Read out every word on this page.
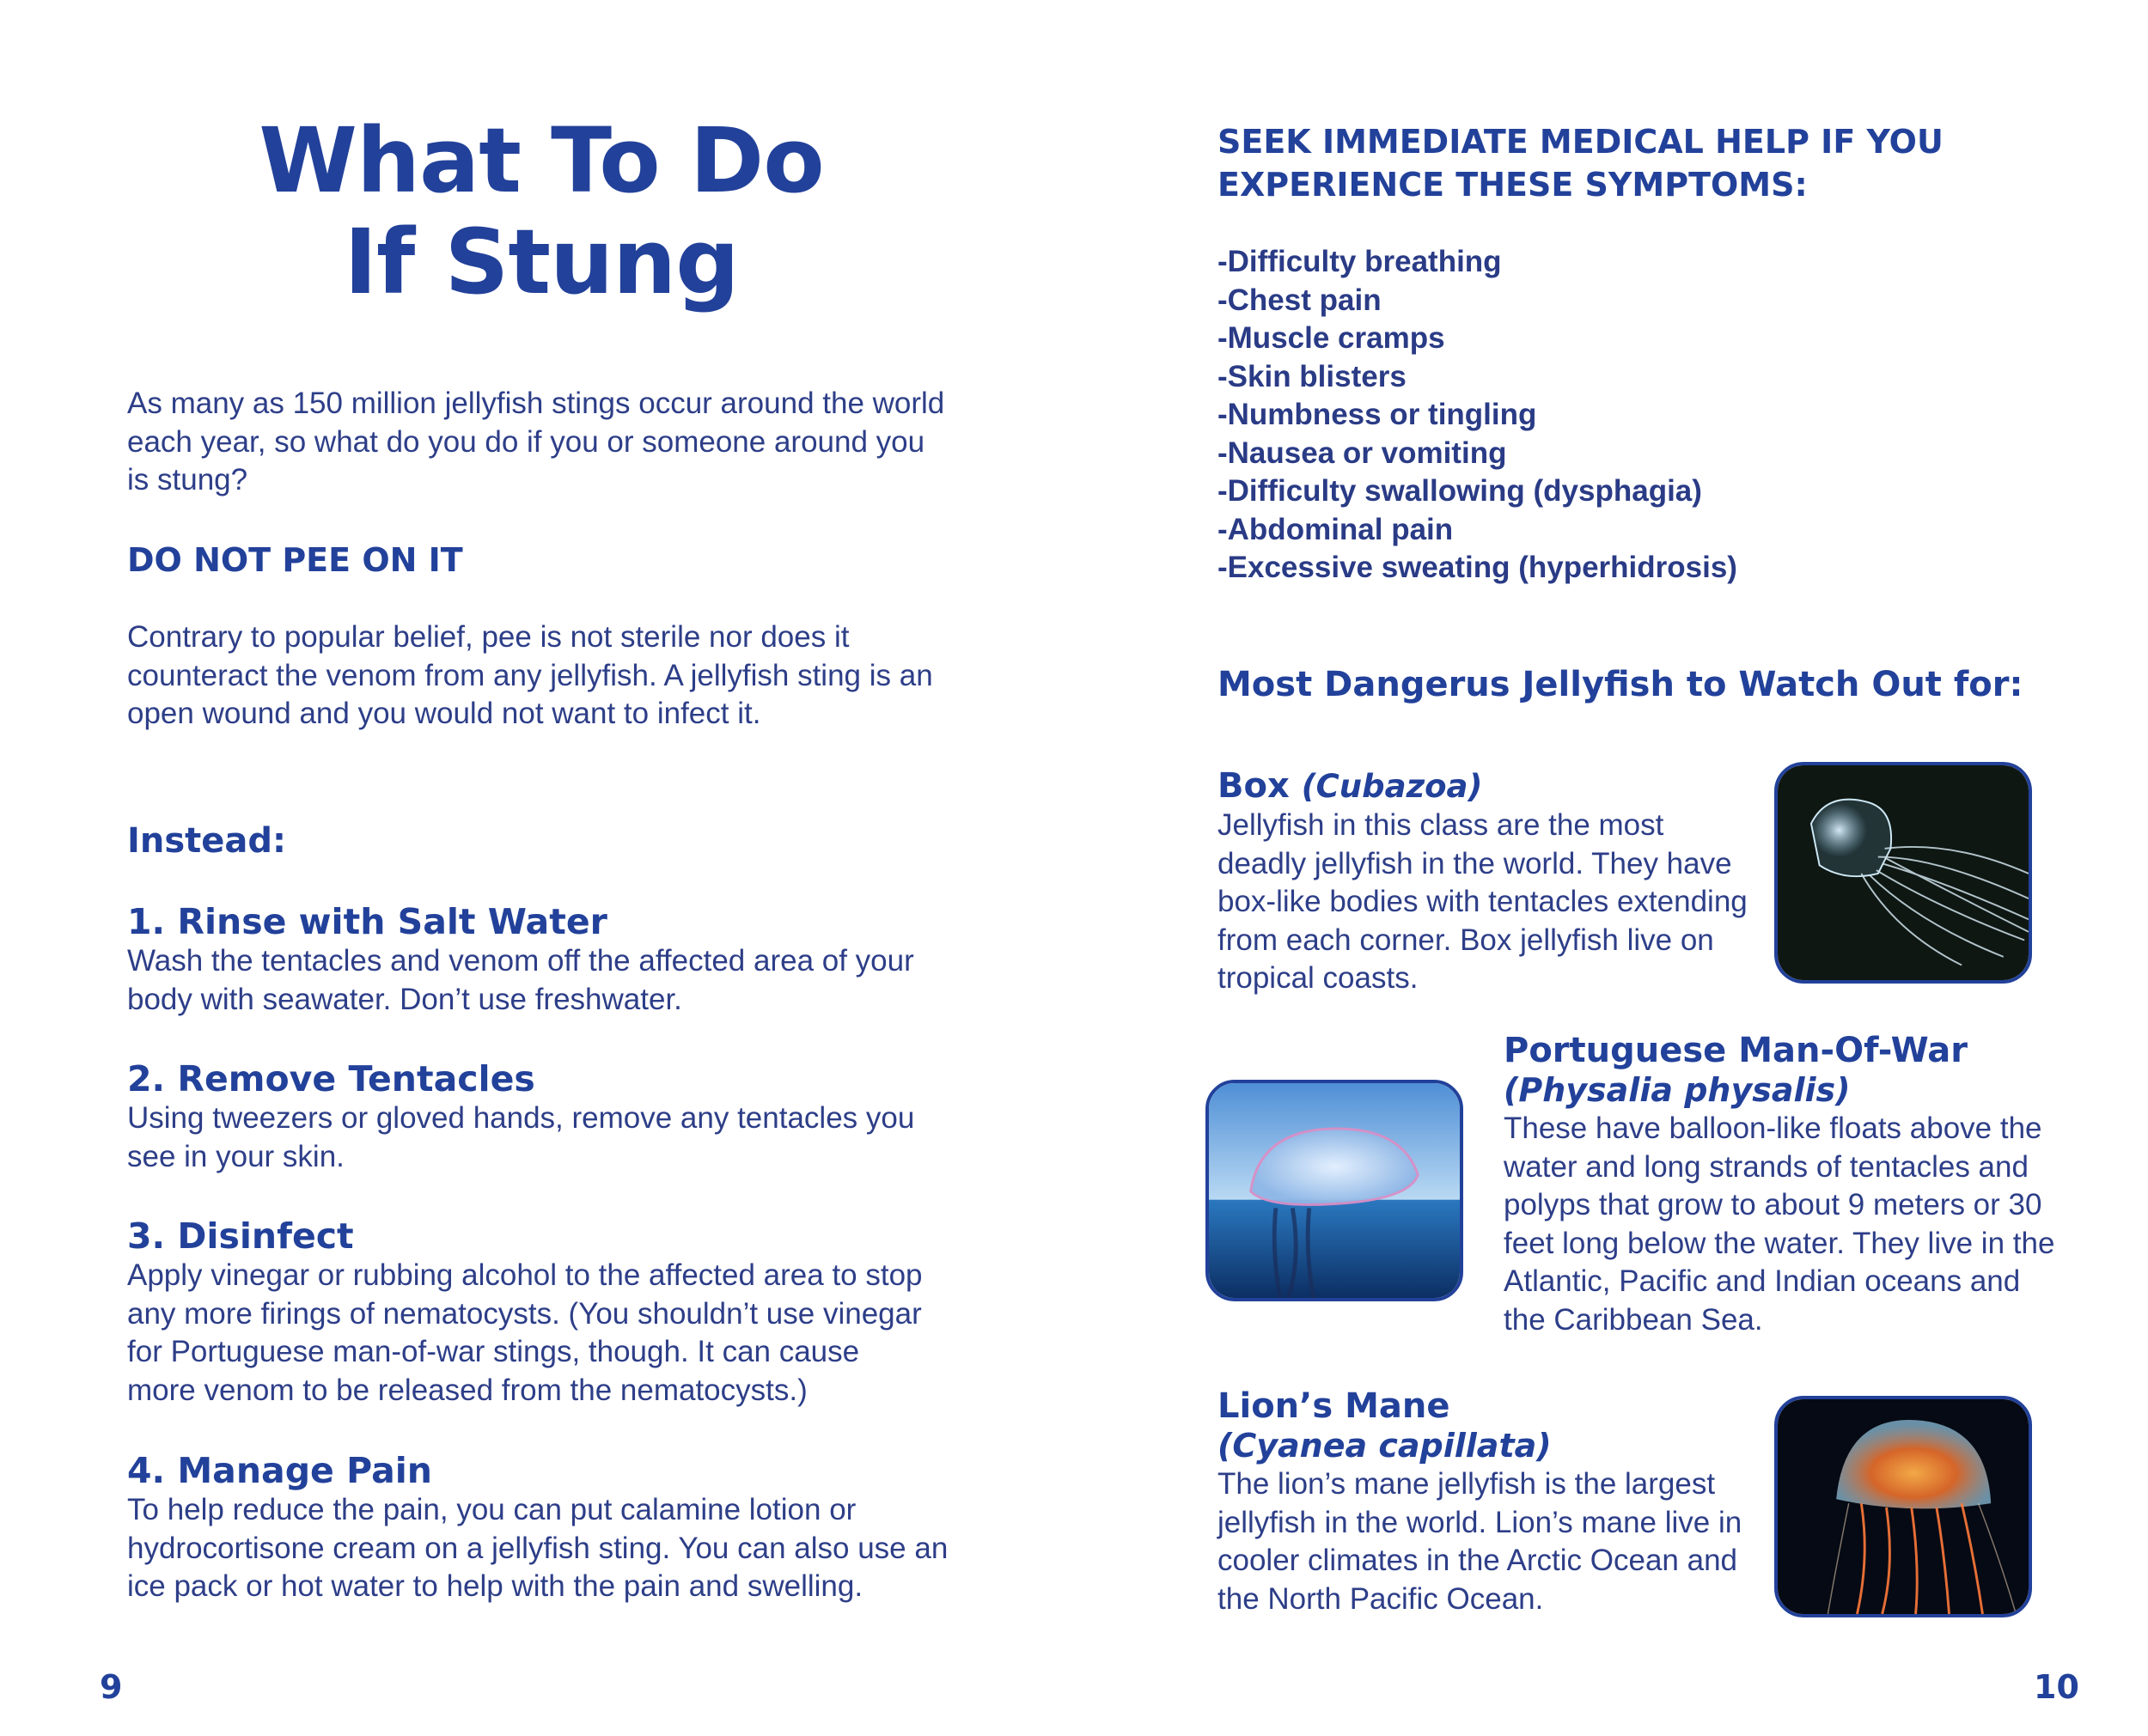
What To Do
If Stung

As many as 150 million jellyfish stings occur around the world each year, so what do you do if you or someone around you is stung?

DO NOT PEE ON IT

Contrary to popular belief, pee is not sterile nor does it counteract the venom from any jellyfish. A jellyfish sting is an open wound and you would not want to infect it.

Instead:
1. Rinse with Salt Water

Wash the tentacles and venom off the affected area of your body with seawater. Don’t use freshwater.

2. Remove Tentacles

Using tweezers or gloved hands, remove any tentacles you see in your skin.

3. Disinfect

Apply vinegar or rubbing alcohol to the affected area to stop any more firings of nematocysts. (You shouldn’t use vinegar for Portuguese man-of-war stings, though. It can cause more venom to be released from the nematocysts.)

4. Manage Pain

To help reduce the pain, you can put calamine lotion or hydrocortisone cream on a jellyfish sting. You can also use an ice pack or hot water to help with the pain and swelling.

9
SEEK IMMEDIATE MEDICAL HELP IF YOU
EXPERIENCE THESE SYMPTOMS:
-Difficulty breathing
-Chest pain
-Muscle cramps
-Skin blisters
-Numbness or tingling
-Nausea or vomiting
-Difficulty swallowing (dysphagia)
-Abdominal pain
-Excessive sweating (hyperhidrosis)
Most Dangerus Jellyfish to Watch Out for:
Box (Cubazoa)

Jellyfish in this class are the most deadly jellyfish in the world. They have box-like bodies with tentacles extending from each corner. Box jellyfish live on tropical coasts.

Portuguese Man-Of-War
(Physalia physalis)

These have balloon-like floats above the water and long strands of tentacles and polyps that grow to about 9 meters or 30 feet long below the water. They live in the Atlantic, Pacific and Indian oceans and the Caribbean Sea.

Lion’s Mane
(Cyanea capillata)

The lion’s mane jellyfish is the largest jellyfish in the world. Lion’s mane live in cooler climates in the Arctic Ocean and the North Pacific Ocean.

10
